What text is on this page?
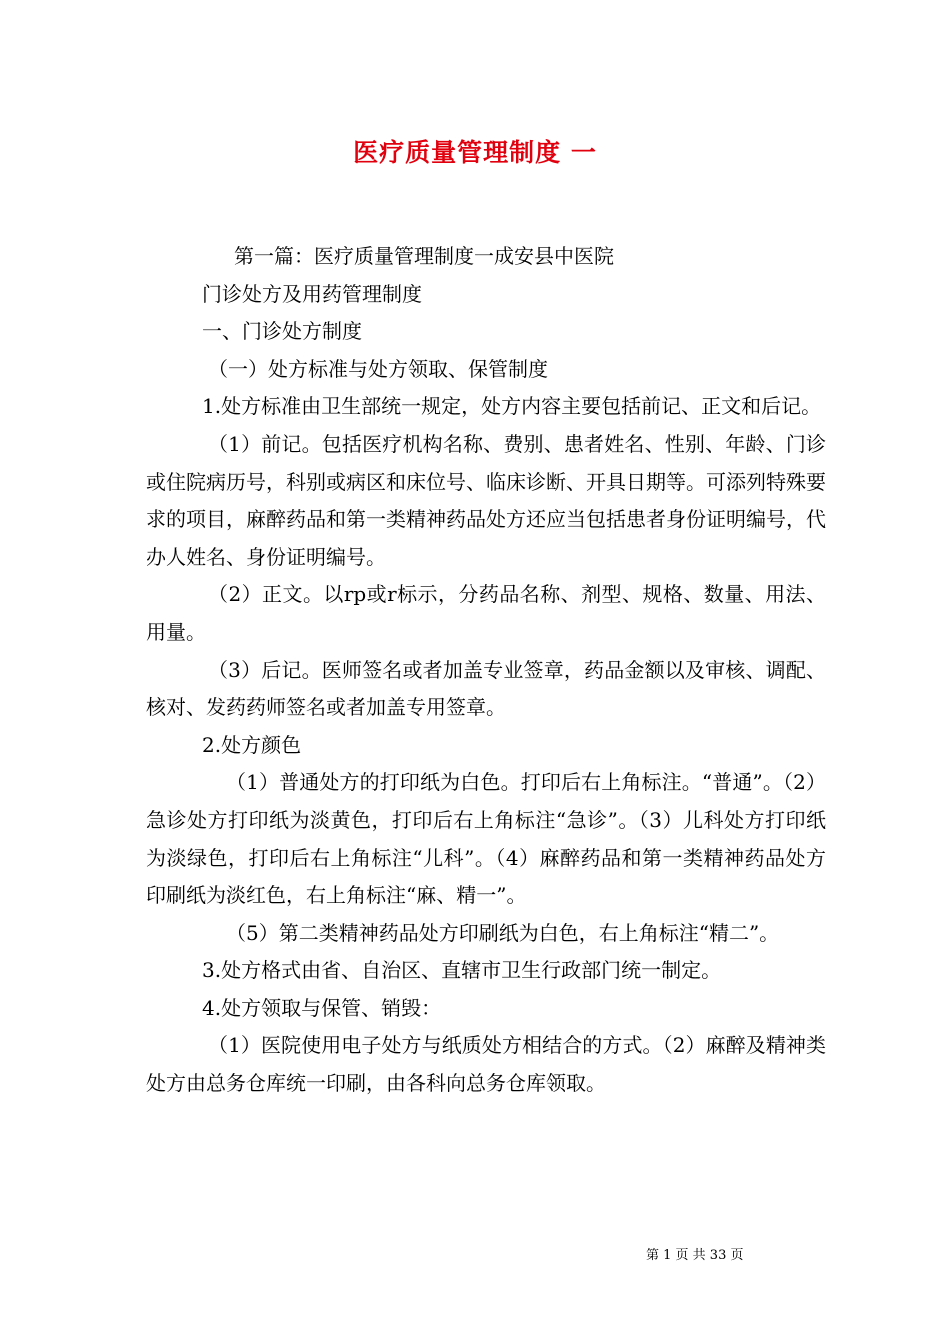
医疗质量管理制度 一

第一篇：医疗质量管理制度一成安县中医院

门诊处方及用药管理制度

一、门诊处方制度

（一）处方标准与处方领取、保管制度

1.处方标准由卫生部统一规定，处方内容主要包括前记、正文和后记。

（1）前记。包括医疗机构名称、费别、患者姓名、性别、年龄、门诊或住院病历号，科别或病区和床位号、临床诊断、开具日期等。可添列特殊要求的项目，麻醉药品和第一类精神药品处方还应当包括患者身份证明编号，代办人姓名、身份证明编号。

（2）正文。以rp或r标示，分药品名称、剂型、规格、数量、用法、用量。

（3）后记。医师签名或者加盖专业签章，药品金额以及审核、调配、核对、发药药师签名或者加盖专用签章。

2.处方颜色

（1）普通处方的打印纸为白色。打印后右上角标注。“普通”。（2）急诊处方打印纸为淡黄色，打印后右上角标注“急诊”。（3）儿科处方打印纸为淡绿色，打印后右上角标注“儿科”。（4）麻醉药品和第一类精神药品处方印刷纸为淡红色，右上角标注“麻、精一”。

（5）第二类精神药品处方印刷纸为白色，右上角标注“精二”。

3.处方格式由省、自治区、直辖市卫生行政部门统一制定。

4.处方领取与保管、销毁：

（1）医院使用电子处方与纸质处方相结合的方式。（2）麻醉及精神类处方由总务仓库统一印刷，由各科向总务仓库领取。

第 1 页 共 33 页
